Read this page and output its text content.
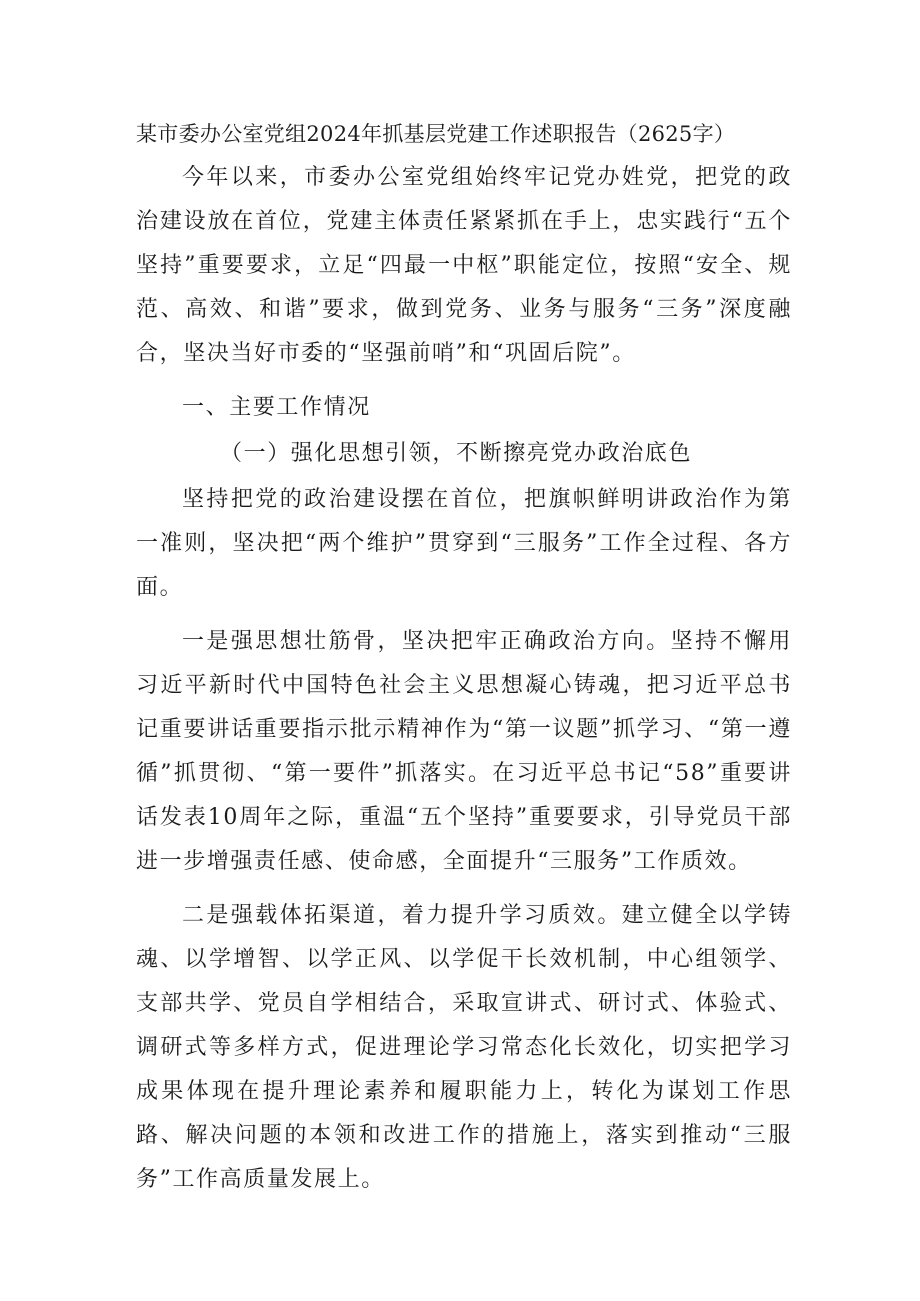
某市委办公室党组2024年抓基层党建工作述职报告（2625字）

今年以来，市委办公室党组始终牢记党办姓党，把党的政治建设放在首位，党建主体责任紧紧抓在手上，忠实践行“五个坚持”重要要求，立足“四最一中枢”职能定位，按照“安全、规范、高效、和谐”要求，做到党务、业务与服务“三务”深度融合，坚决当好市委的“坚强前哨”和“巩固后院”。

一、主要工作情况
（一）强化思想引领，不断擦亮党办政治底色

坚持把党的政治建设摆在首位，把旗帜鲜明讲政治作为第一准则，坚决把“两个维护”贯穿到“三服务”工作全过程、各方面。

一是强思想壮筋骨，坚决把牢正确政治方向。坚持不懈用习近平新时代中国特色社会主义思想凝心铸魂，把习近平总书记重要讲话重要指示批示精神作为“第一议题”抓学习、“第一遵循”抓贯彻、“第一要件”抓落实。在习近平总书记“58”重要讲话发表10周年之际，重温“五个坚持”重要要求，引导党员干部进一步增强责任感、使命感，全面提升“三服务”工作质效。

二是强载体拓渠道，着力提升学习质效。建立健全以学铸魂、以学增智、以学正风、以学促干长效机制，中心组领学、支部共学、党员自学相结合，采取宣讲式、研讨式、体验式、调研式等多样方式，促进理论学习常态化长效化，切实把学习成果体现在提升理论素养和履职能力上，转化为谋划工作思路、解决问题的本领和改进工作的措施上，落实到推动“三服务”工作高质量发展上。
